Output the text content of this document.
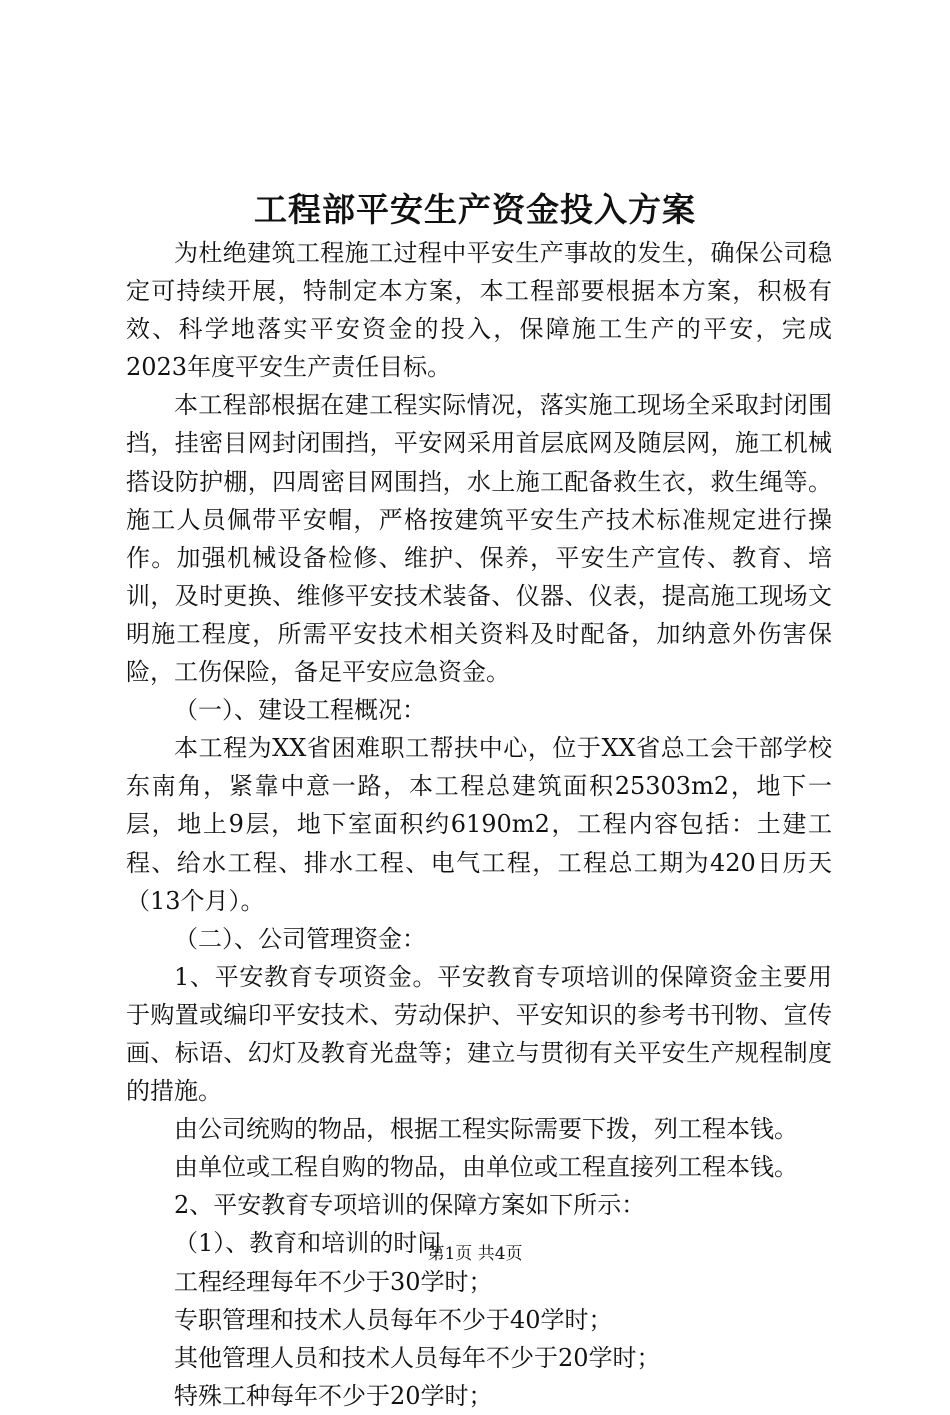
工程部平安生产资金投入方案

为杜绝建筑工程施工过程中平安生产事故的发生，确保公司稳定可持续开展，特制定本方案，本工程部要根据本方案，积极有效、科学地落实平安资金的投入，保障施工生产的平安，完成2023年度平安生产责任目标。

本工程部根据在建工程实际情况，落实施工现场全采取封闭围挡，挂密目网封闭围挡，平安网采用首层底网及随层网，施工机械搭设防护棚，四周密目网围挡，水上施工配备救生衣，救生绳等。施工人员佩带平安帽，严格按建筑平安生产技术标准规定进行操作。加强机械设备检修、维护、保养，平安生产宣传、教育、培训，及时更换、维修平安技术装备、仪器、仪表，提高施工现场文明施工程度，所需平安技术相关资料及时配备，加纳意外伤害保险，工伤保险，备足平安应急资金。

（一）、建设工程概况：

本工程为XX省困难职工帮扶中心，位于XX省总工会干部学校东南角，紧靠中意一路，本工程总建筑面积25303m2，地下一层，地上9层，地下室面积约6190m2，工程内容包括：土建工程、给水工程、排水工程、电气工程，工程总工期为420日历天（13个月）。

（二）、公司管理资金：

1、平安教育专项资金。平安教育专项培训的保障资金主要用于购置或编印平安技术、劳动保护、平安知识的参考书刊物、宣传画、标语、幻灯及教育光盘等；建立与贯彻有关平安生产规程制度的措施。

由公司统购的物品，根据工程实际需要下拨，列工程本钱。

由单位或工程自购的物品，由单位或工程直接列工程本钱。

2、平安教育专项培训的保障方案如下所示：

（1）、教育和培训的时间

工程经理每年不少于30学时；

专职管理和技术人员每年不少于40学时；

其他管理人员和技术人员每年不少于20学时；

特殊工种每年不少于20学时；

第1页 共4页
